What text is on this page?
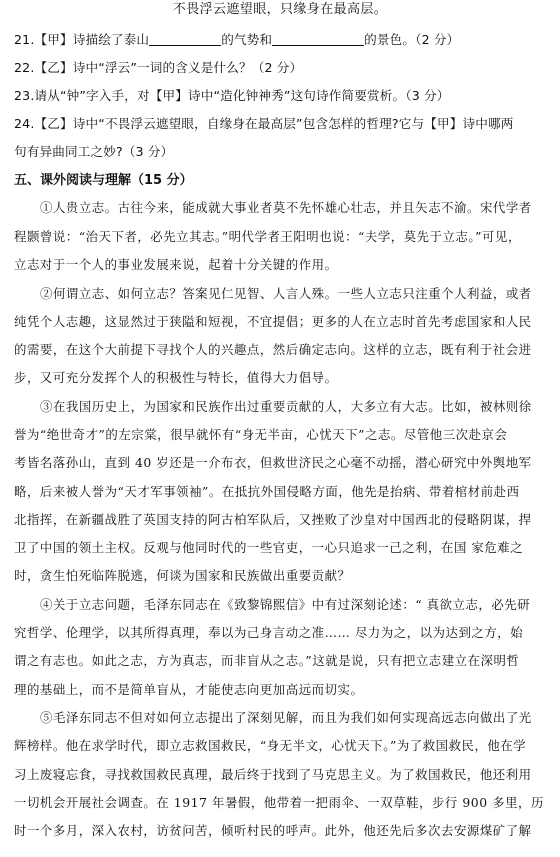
不畏浮云遮望眼，只缘身在最高层。
21.【甲】诗描绘了泰山	的气势和	的景色。（2 分）
22.【乙】诗中“浮云”一词的含义是什么？（2 分）
23.请从“钟”字入手，对【甲】诗中“造化钟神秀”这句诗作简要赏析。（3 分）
24.【乙】诗中“不畏浮云遮望眼，自缘身在最高层”包含怎样的哲理?它与【甲】诗中哪两
句有异曲同工之妙?（3 分）
五、课外阅读与理解（15 分）
①人贵立志。古往今来，能成就大事业者莫不先怀雄心壮志，并且矢志不渝。宋代学者
程颢曾说：“治天下者，必先立其志。”明代学者王阳明也说：“夫学，莫先于立志。”可见，
立志对于一个人的事业发展来说，起着十分关键的作用。
②何谓立志、如何立志？答案见仁见智、人言人殊。一些人立志只注重个人利益，或者
纯凭个人志趣，这显然过于狭隘和短视，不宜提倡；更多的人在立志时首先考虑国家和人民
的需要，在这个大前提下寻找个人的兴趣点，然后确定志向。这样的立志，既有利于社会进
步，又可充分发挥个人的积极性与特长，值得大力倡导。
③在我国历史上，为国家和民族作出过重要贡献的人，大多立有大志。比如，被林则徐
誉为“绝世奇才”的左宗棠，很早就怀有“身无半亩，心忧天下”之志。尽管他三次赴京会
考皆名落孙山，直到 40 岁还是一介布衣，但救世济民之心毫不动摇，潜心研究中外舆地军
略，后来被人誉为“天才军事领袖”。在抵抗外国侵略方面，他先是抬病、带着棺材前赴西
北指挥，在新疆战胜了英国支持的阿古柏军队后，又挫败了沙皇对中国西北的侵略阴谋，捍
卫了中国的领土主权。反观与他同时代的一些官吏，一心只追求一己之利，在国 家危难之
时，贪生怕死临阵脱逃，何谈为国家和民族做出重要贡献？
④关于立志问题，毛泽东同志在《致黎锦熙信》中有过深刻论述：“ 真欲立志，必先研
究哲学、伦理学，以其所得真理，奉以为己身言动之准…… 尽力为之，以为达到之方，始
谓之有志也。如此之志，方为真志，而非盲从之志。”这就是说，只有把立志建立在深明哲
理的基础上，而不是简单盲从，才能使志向更加高远而切实。
⑤毛泽东同志不但对如何立志提出了深刻见解，而且为我们如何实现高远志向做出了光
辉榜样。他在求学时代，即立志救国救民，“身无半文，心忧天下。”为了救国救民，他在学
习上废寝忘食，寻找救国救民真理，最后终于找到了马克思主义。为了救国救民，他还利用
一切机会开展社会调查。在 1917 年暑假，他带着一把雨伞、一双草鞋，步行 900 多里，历
时一个多月，深入农村，访贫问苦，倾听村民的呼声。此外，他还先后多次去安源煤矿了解
